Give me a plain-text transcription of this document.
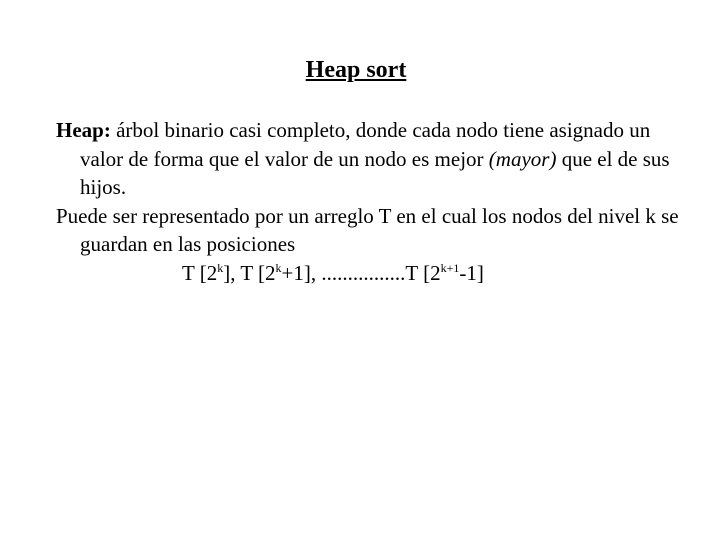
Heap sort

Heap: árbol binario casi completo, donde cada nodo tiene asignado un valor de forma que el valor de un nodo es mejor (mayor) que el de sus hijos.

Puede ser representado por un arreglo T en el cual los nodos del nivel k se guardan en las posiciones

T [2$^k$], T $[2^k+1]$, ................T $[2^{k+1}-1]$
